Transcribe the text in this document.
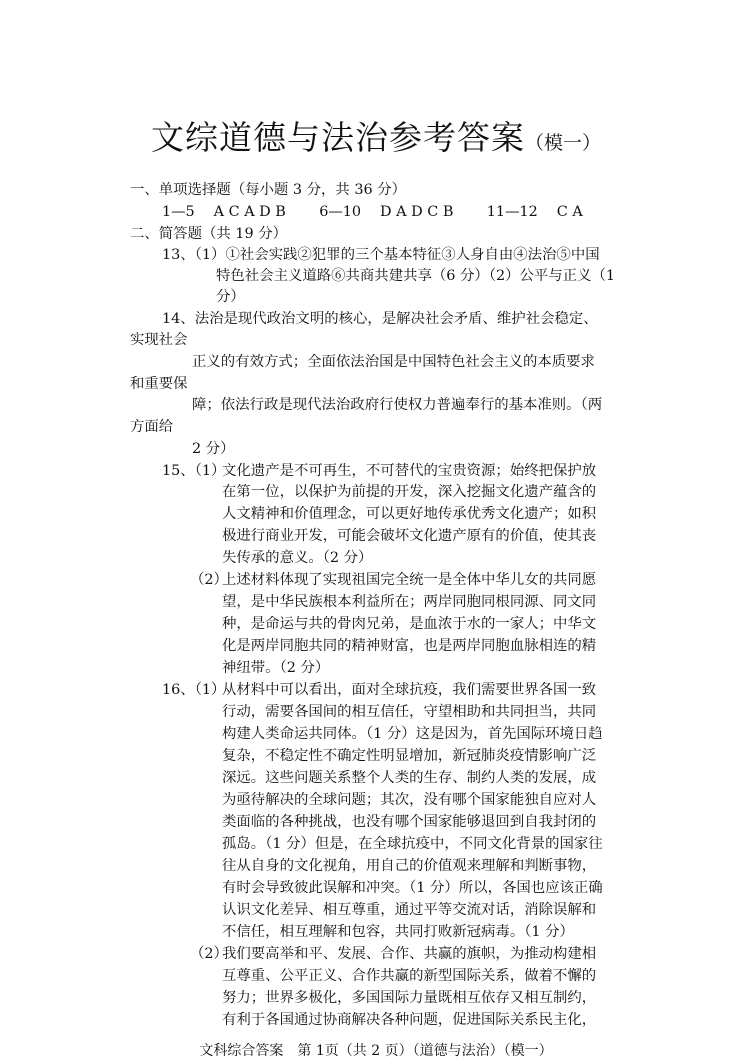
文综道德与法治参考答案（模一）
一、单项选择题（每小题 3 分，共 36 分）
1—5　 A C A D B　　 6—10　 D A D C B　　 11—12　 C A
二、简答题（共 19 分）
13、（1）①社会实践②犯罪的三个基本特征③人身自由④法治⑤中国
特色社会主义道路⑥共商共建共享（6 分）（2）公平与正义（1
分）
14、法治是现代政治文明的核心，是解决社会矛盾、维护社会稳定、
实现社会
正义的有效方式；全面依法治国是中国特色社会主义的本质要求
和重要保
障；依法行政是现代法治政府行使权力普遍奉行的基本准则。（两
方面给
2 分）
15、（1）
文化遗产是不可再生，不可替代的宝贵资源；始终把保护放
在第一位，以保护为前提的开发，深入挖掘文化遗产蕴含的
人文精神和价值理念，可以更好地传承优秀文化遗产；如积
极进行商业开发，可能会破坏文化遗产原有的价值，使其丧
失传承的意义。（2 分）
（2）
上述材料体现了实现祖国完全统一是全体中华儿女的共同愿
望，是中华民族根本利益所在；两岸同胞同根同源、同文同
种，是命运与共的骨肉兄弟，是血浓于水的一家人；中华文
化是两岸同胞共同的精神财富，也是两岸同胞血脉相连的精
神纽带。（2 分）
16、（1）
从材料中可以看出，面对全球抗疫，我们需要世界各国一致
行动，需要各国间的相互信任，守望相助和共同担当，共同
构建人类命运共同体。（1 分）这是因为，首先国际环境日趋
复杂，不稳定性不确定性明显增加，新冠肺炎疫情影响广泛
深远。这些问题关系整个人类的生存、制约人类的发展，成
为亟待解决的全球问题；其次，没有哪个国家能独自应对人
类面临的各种挑战，也没有哪个国家能够退回到自我封闭的
孤岛。（1 分）但是，在全球抗疫中，不同文化背景的国家往
往从自身的文化视角，用自己的价值观来理解和判断事物，
有时会导致彼此误解和冲突。（1 分）所以，各国也应该正确
认识文化差异、相互尊重，通过平等交流对话，消除误解和
不信任，相互理解和包容，共同打败新冠病毒。（1 分）
（2）
我们要高举和平、发展、合作、共赢的旗帜，为推动构建相
互尊重、公平正义、合作共赢的新型国际关系，做着不懈的
努力；世界多极化，多国国际力量既相互依存又相互制约，
有利于各国通过协商解决各种问题，促进国际关系民主化，
文科综合答案　第 1页（共 2 页）（道德与法治）（模一）
